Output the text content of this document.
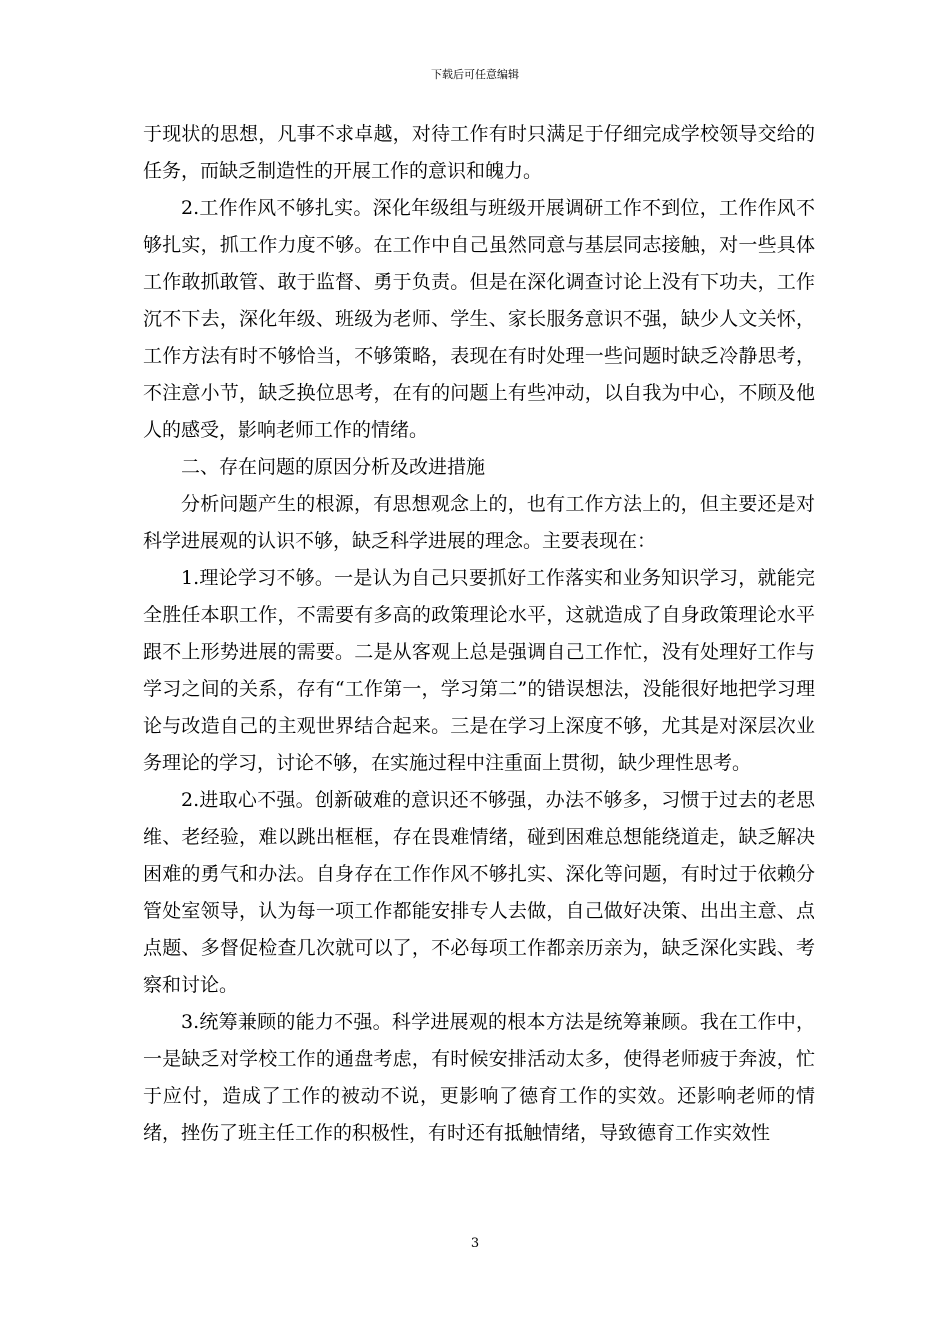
下载后可任意编辑

于现状的思想，凡事不求卓越，对待工作有时只满足于仔细完成学校领导交给的任务，而缺乏制造性的开展工作的意识和魄力。

2.工作作风不够扎实。深化年级组与班级开展调研工作不到位，工作作风不够扎实，抓工作力度不够。在工作中自己虽然同意与基层同志接触，对一些具体工作敢抓敢管、敢于监督、勇于负责。但是在深化调查讨论上没有下功夫，工作沉不下去，深化年级、班级为老师、学生、家长服务意识不强，缺少人文关怀，工作方法有时不够恰当，不够策略，表现在有时处理一些问题时缺乏冷静思考，不注意小节，缺乏换位思考，在有的问题上有些冲动，以自我为中心，不顾及他人的感受，影响老师工作的情绪。

二、存在问题的原因分析及改进措施

分析问题产生的根源，有思想观念上的，也有工作方法上的，但主要还是对科学进展观的认识不够，缺乏科学进展的理念。主要表现在：

1.理论学习不够。一是认为自己只要抓好工作落实和业务知识学习，就能完全胜任本职工作，不需要有多高的政策理论水平，这就造成了自身政策理论水平跟不上形势进展的需要。二是从客观上总是强调自己工作忙，没有处理好工作与学习之间的关系，存有“工作第一，学习第二”的错误想法，没能很好地把学习理论与改造自己的主观世界结合起来。三是在学习上深度不够，尤其是对深层次业务理论的学习，讨论不够，在实施过程中注重面上贯彻，缺少理性思考。

2.进取心不强。创新破难的意识还不够强，办法不够多，习惯于过去的老思维、老经验，难以跳出框框，存在畏难情绪，碰到困难总想能绕道走，缺乏解决困难的勇气和办法。自身存在工作作风不够扎实、深化等问题，有时过于依赖分管处室领导，认为每一项工作都能安排专人去做，自己做好决策、出出主意、点点题、多督促检查几次就可以了，不必每项工作都亲历亲为，缺乏深化实践、考察和讨论。

3.统筹兼顾的能力不强。科学进展观的根本方法是统筹兼顾。我在工作中，一是缺乏对学校工作的通盘考虑，有时候安排活动太多，使得老师疲于奔波，忙于应付，造成了工作的被动不说，更影响了德育工作的实效。还影响老师的情绪，挫伤了班主任工作的积极性，有时还有抵触情绪，导致德育工作实效性

3
